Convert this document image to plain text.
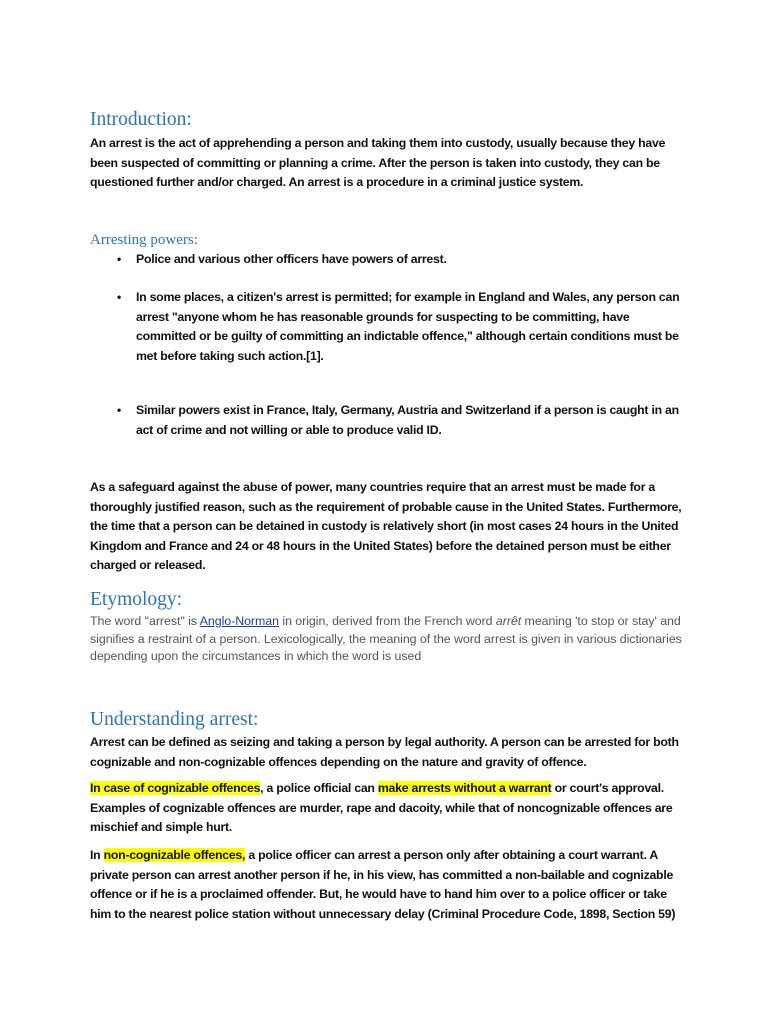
Introduction:

An arrest is the act of apprehending a person and taking them into custody, usually because they have been suspected of committing or planning a crime. After the person is taken into custody, they can be questioned further and/or charged. An arrest is a procedure in a criminal justice system.

Arresting powers:
• Police and various other officers have powers of arrest.

• In some places, a citizen's arrest is permitted; for example in England and Wales, any person can arrest "anyone whom he has reasonable grounds for suspecting to be committing, have committed or be guilty of committing an indictable offence," although certain conditions must be met before taking such action.[1].

• Similar powers exist in France, Italy, Germany, Austria and Switzerland if a person is caught in an act of crime and not willing or able to produce valid ID.

As a safeguard against the abuse of power, many countries require that an arrest must be made for a thoroughly justified reason, such as the requirement of probable cause in the United States. Furthermore, the time that a person can be detained in custody is relatively short (in most cases 24 hours in the United Kingdom and France and 24 or 48 hours in the United States) before the detained person must be either charged or released.

Etymology:

The word "arrest" is Anglo-Norman in origin, derived from the French word arrêt meaning 'to stop or stay' and signifies a restraint of a person. Lexicologically, the meaning of the word arrest is given in various dictionaries depending upon the circumstances in which the word is used

Understanding arrest:

Arrest can be defined as seizing and taking a person by legal authority. A person can be arrested for both cognizable and non-cognizable offences depending on the nature and gravity of offence.

In case of cognizable offences, a police official can make arrests without a warrant or court's approval. Examples of cognizable offences are murder, rape and dacoity, while that of noncognizable offences are mischief and simple hurt.

In non-cognizable offences, a police officer can arrest a person only after obtaining a court warrant. A private person can arrest another person if he, in his view, has committed a non-bailable and cognizable offence or if he is a proclaimed offender. But, he would have to hand him over to a police officer or take him to the nearest police station without unnecessary delay (Criminal Procedure Code, 1898, Section 59)
